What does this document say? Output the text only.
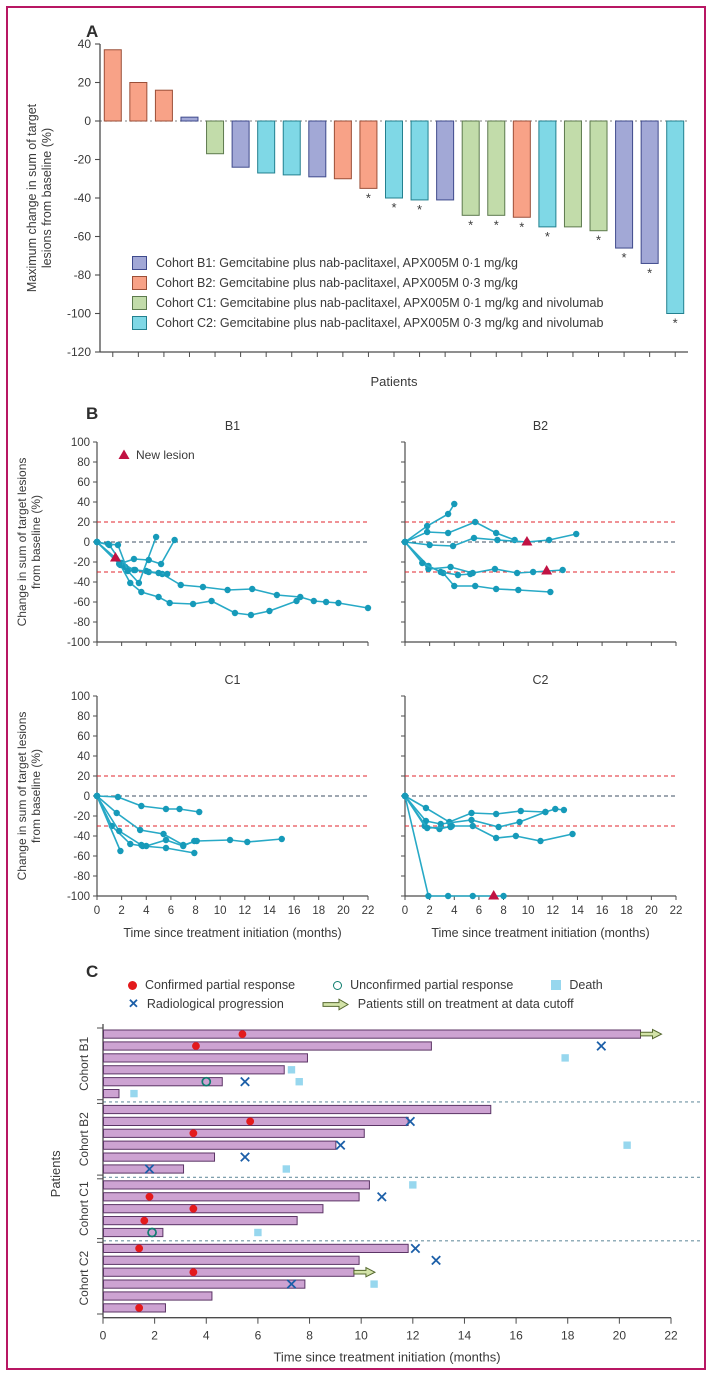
A
40
20
0
-20
-40
-60
-80
-100
-120
*
* *
* * *
*	*
*
*
*
Patients
Maximum change in sum of target lesions from baseline (%)	Cohort B1: Gemcitabine plus nab-paclitaxel, APX005M 0·1 mg/kg
Cohort B2: Gemcitabine plus nab-paclitaxel, APX005M 0·3 mg/kg
Cohort C1: Gemcitabine plus nab-paclitaxel, APX005M 0·1 mg/kg and nivolumab
Cohort C2: Gemcitabine plus nab-paclitaxel, APX005M 0·3 mg/kg and nivolumab
B
B1
100
80
60
40
20
0
-20
-40
-60
-80
-100
New lesion
Change in sum of target lesions from baseline (%)
B2
C1
100
80
60
40
20
0
-20
-40
-60
-80
-100
0 2 4 6 8 10 12 14 16 18 20 22
Time since treatment initiation (months)
Change in sum of target lesions from baseline (%)
C2
0 2 4 6 8 10 12 14 16 18 20 22
Time since treatment initiation (months)
C
Confirmed partial response	Unconfirmed partial response	Death
✕ Radiological progression	Patients still on treatment at data cutoff
Cohort B1
Cohort B2
Cohort C1
Cohort C2
0	2	4	6	8	10	12	14	16	18	20	22
Time since treatment initiation (months)
Patients
